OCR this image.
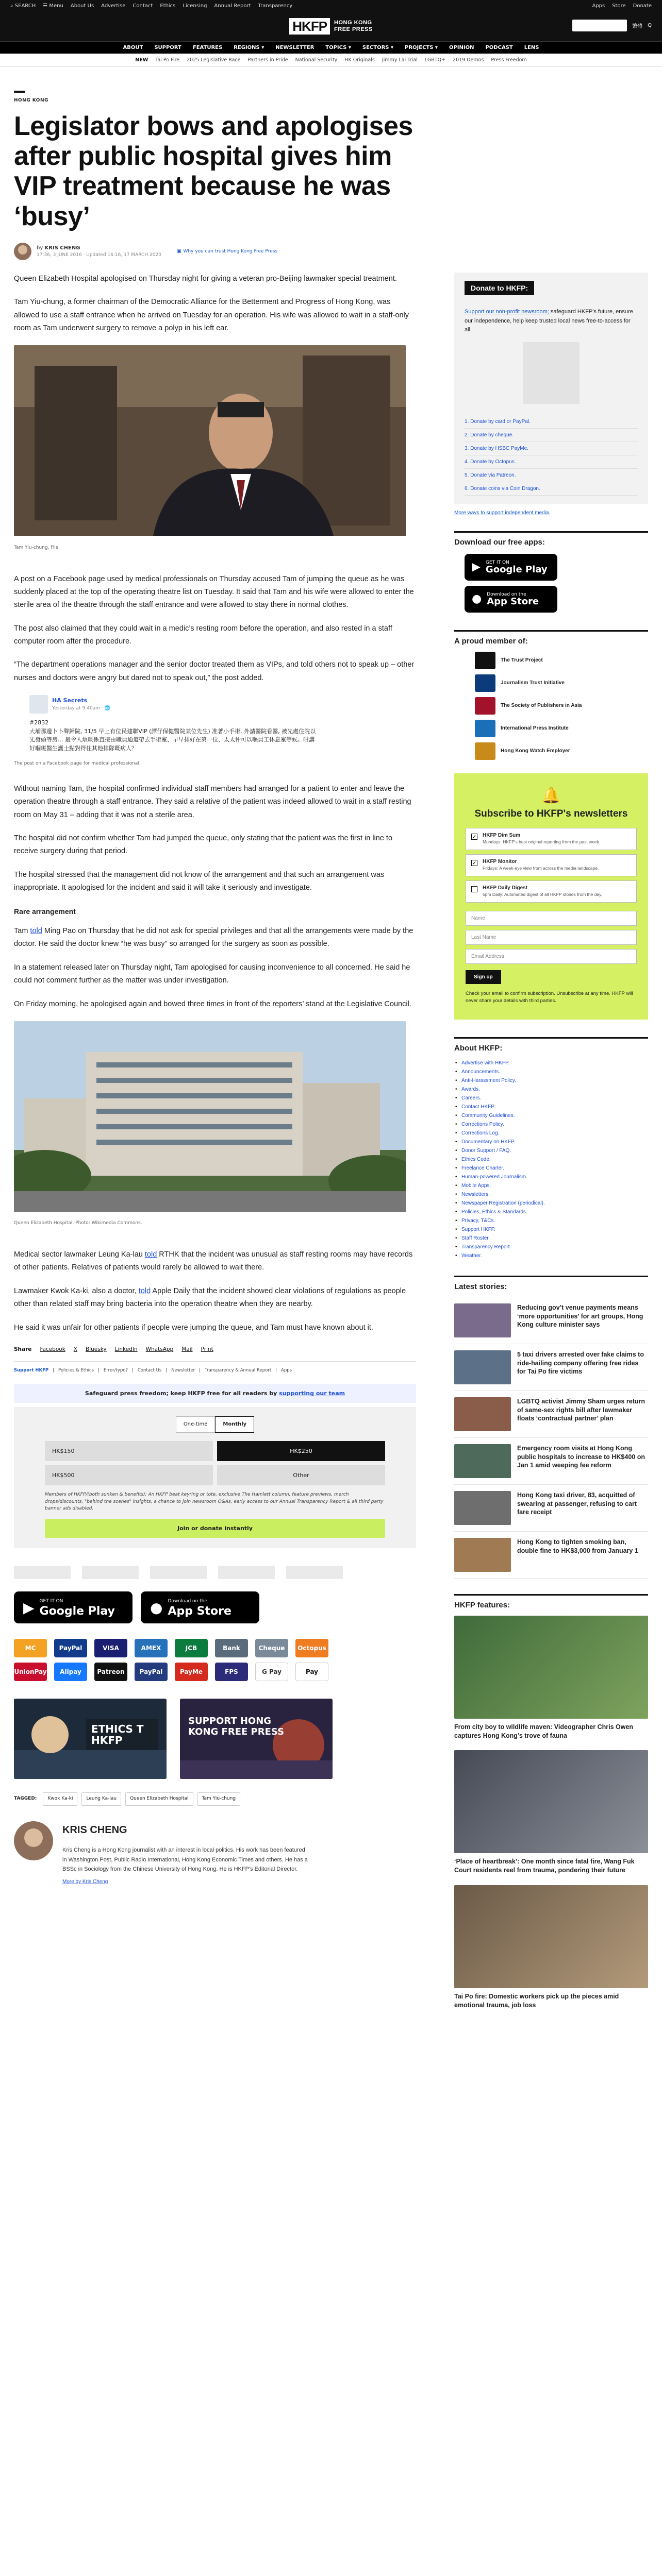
⌕ SEARCH ☰ Menu About Us Advertise Contact Ethics Licensing Annual Report Transparency	Apps Store Donate
HKFP	HONG KONG
FREE PRESS
SUPPORT HKFP	繁體 Q
ABOUT SUPPORT FEATURES REGIONS ▾ NEWSLETTER TOPICS ▾ SECTORS ▾ PROJECTS ▾ OPINION PODCAST LENS
NEW Tai Po Fire 2025 Legislative Race Partners in Pride National Security HK Originals Jimmy Lai Trial LGBTQ+ 2019 Demos Press Freedom
HONG KONG
Legislator bows and apologises after public hospital gives him VIP treatment because he was ‘busy’
by KRIS CHENG
17:36, 3 JUNE 2016 · Updated 16:16, 17 MARCH 2020
▣ Why you can trust Hong Kong Free Press

Queen Elizabeth Hospital apologised on Thursday night for giving a veteran pro-Beijing lawmaker special treatment.

Tam Yiu-chung, a former chairman of the Democratic Alliance for the Betterment and Progress of Hong Kong, was allowed to use a staff entrance when he arrived on Tuesday for an operation. His wife was allowed to wait in a staff-only room as Tam underwent surgery to remove a polyp in his left ear.

Tam Yiu-chung. File

A post on a Facebook page used by medical professionals on Thursday accused Tam of jumping the queue as he was suddenly placed at the top of the operating theatre list on Tuesday. It said that Tam and his wife were allowed to enter the sterile area of the theatre through the staff entrance and were allowed to stay there in normal clothes.

The post also claimed that they could wait in a medic’s resting room before the operation, and also rested in a staff computer room after the procedure.

“The department operations manager and the senior doctor treated them as VIPs, and told others not to speak up – other nurses and doctors were angry but dared not to speak out,” the post added.

HA Secrets
Yesterday at 9:40am · 🌐
#2832
大埔那邊卜卜聲歸院, 31/5 早上有位民建聯VIP (譚仔保健醫院某位先生) 准著小手術, 外請醫院看醫, 被先處住院以先發頭等房... 最令人煩嘅係直接由職員通道帶去手術室、早早排好在第一位、太太仲可以喺員工休息室等候。咁講好嗰班醫生護士點對得住其他排隊嘅病人？
The post on a Facebook page for medical professional.

Without naming Tam, the hospital confirmed individual staff members had arranged for a patient to enter and leave the operation theatre through a staff entrance. They said a relative of the patient was indeed allowed to wait in a staff resting room on May 31 – adding that it was not a sterile area.

The hospital did not confirm whether Tam had jumped the queue, only stating that the patient was the first in line to receive surgery during that period.

The hospital stressed that the management did not know of the arrangement and that such an arrangement was inappropriate. It apologised for the incident and said it will take it seriously and investigate.

Rare arrangement

Tam told Ming Pao on Thursday that he did not ask for special privileges and that all the arrangements were made by the doctor. He said the doctor knew “he was busy” so arranged for the surgery as soon as possible.

In a statement released later on Thursday night, Tam apologised for causing inconvenience to all concerned. He said he could not comment further as the matter was under investigation.

On Friday morning, he apologised again and bowed three times in front of the reporters’ stand at the Legislative Council.

Queen Elizabeth Hospital. Photo: Wikimedia Commons.

Medical sector lawmaker Leung Ka-lau told RTHK that the incident was unusual as staff resting rooms may have records of other patients. Relatives of patients would rarely be allowed to wait there.

Lawmaker Kwok Ka-ki, also a doctor, told Apple Daily that the incident showed clear violations of regulations as people other than related staff may bring bacteria into the operation theatre when they are nearby.

He said it was unfair for other patients if people were jumping the queue, and Tam must have known about it.

Share Facebook X Bluesky LinkedIn WhatsApp Mail Print
Support HKFP | Policies & Ethics | Error/typo? | Contact Us | Newsletter | Transparency & Annual Report | Apps
Safeguard press freedom; keep HKFP free for all readers by supporting our team
One-time	Monthly
HK$150	HK$250
HK$500	Other
Members of HKFP/(both sunken & benefits): An HKFP beat keyring or tote, exclusive The Hamlett column, feature previews, merch drops/discounts, "behind the scenes" insights, a chance to join newsroom Q&As, early access to our Annual Transparency Report & all third party banner ads disabled.
Join or donate instantly
▶ GET IT ON
Google Play ● Download on the
App Store
MC	PayPal	VISA	AMEX	JCB	Bank	Cheque	Octopus
UnionPay	Alipay	Patreon	PayPal	PayMe	FPS	G Pay	Pay
ETHICS T HKFP
SUPPORT HONG KONG FREE PRESS
TAGGED:	Kwok Ka-ki	Leung Ka-lau	Queen Elizabeth Hospital	Tam Yiu-chung
KRIS CHENG
Kris Cheng is a Hong Kong journalist with an interest in local politics. His work has been featured in Washington Post, Public Radio International, Hong Kong Economic Times and others. He has a BSSc in Sociology from the Chinese University of Hong Kong. He is HKFP's Editorial Director.
More by Kris Cheng
Donate to HKFP:
Support our non-profit newsroom; safeguard HKFP's future, ensure our independence, help keep trusted local news free-to-access for all.
1. Donate by card or PayPal.
2. Donate by cheque.
3. Donate by HSBC PayMe.
4. Donate by Octopus.
5. Donate via Patreon.
6. Donate coins via Coin Dragon.
More ways to support independent media.
Download our free apps:
▶ GET IT ON
Google Play
● Download on the
App Store
A proud member of:
The Trust Project
Journalism Trust Initiative
The Society of Publishers in Asia
International Press Institute
Hong Kong Watch Employer
🔔
Subscribe to HKFP's newsletters
✓ HKFP Dim Sum
Mondays: HKFP's best original reporting from the past week.
✓ HKFP Monitor
Fridays: A week-eye view from across the media landscape.
HKFP Daily Digest
5pm Daily: Automated digest of all HKFP stories from the day.
Name
Last Name
Email Address
Sign up
Check your email to confirm subscription. Unsubscribe at any time. HKFP will never share your details with third parties.
About HKFP:
• Advertise with HKFP.
• Announcements.
• Anti-Harassment Policy.
• Awards.
• Careers.
• Contact HKFP.
• Community Guidelines.
• Corrections Policy.
• Corrections Log.
• Documentary on HKFP.
• Donor Support / FAQ.
• Ethics Code.
• Freelance Charter.
• Human-powered Journalism.
• Mobile Apps.
• Newsletters.
• Newspaper Registration (periodical).
• Policies, Ethics & Standards.
• Privacy, T&Cs.
• Support HKFP.
• Staff Roster.
• Transparency Report.
• Weather.
Latest stories:
Reducing gov’t venue payments means ‘more opportunities’ for art groups, Hong Kong culture minister says
5 taxi drivers arrested over fake claims to ride-hailing company offering free rides for Tai Po fire victims
LGBTQ activist Jimmy Sham urges return of same-sex rights bill after lawmaker floats ‘contractual partner’ plan
Emergency room visits at Hong Kong public hospitals to increase to HK$400 on Jan 1 amid weeping fee reform
Hong Kong taxi driver, 83, acquitted of swearing at passenger, refusing to cart fare receipt
Hong Kong to tighten smoking ban, double fine to HK$3,000 from January 1
HKFP features:
From city boy to wildlife maven: Videographer Chris Owen captures Hong Kong’s trove of fauna
‘Place of heartbreak’: One month since fatal fire, Wang Fuk Court residents reel from trauma, pondering their future
Tai Po fire: Domestic workers pick up the pieces amid emotional trauma, job loss
